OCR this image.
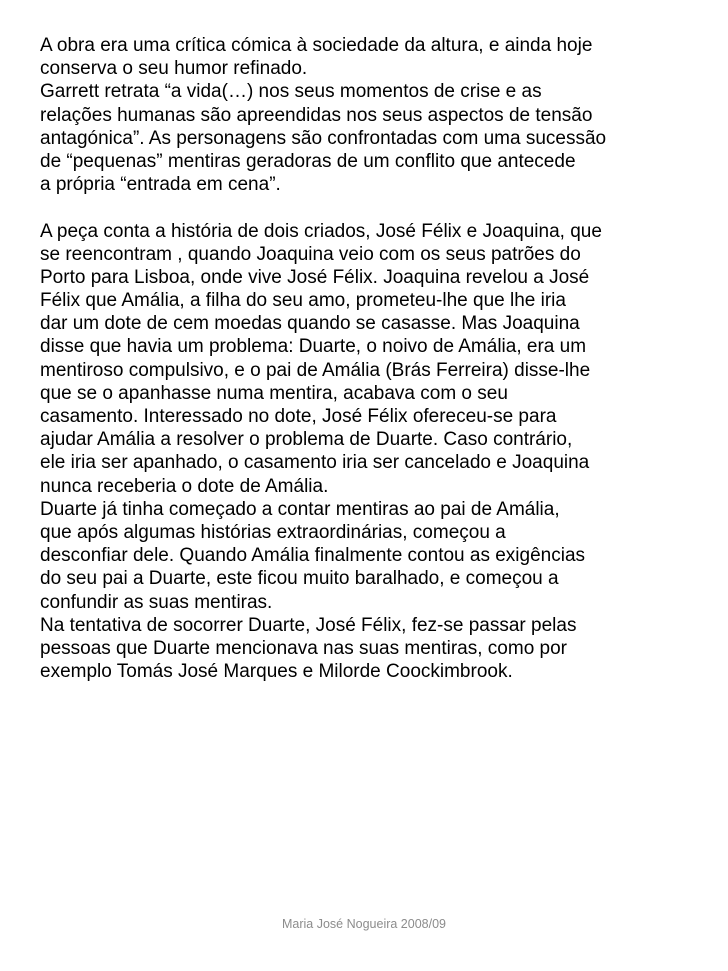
A obra era uma crítica cómica à sociedade da altura, e ainda hoje
conserva o seu humor refinado.
Garrett retrata “a vida(…) nos seus momentos de crise e as
relações humanas são apreendidas nos seus aspectos de tensão
antagónica”. As personagens são confrontadas com uma sucessão
de “pequenas” mentiras geradoras de um conflito que antecede
a própria “entrada em cena”.
A peça conta a história de dois criados, José Félix e Joaquina, que
se reencontram , quando Joaquina veio com os seus patrões do
Porto para Lisboa, onde vive José Félix. Joaquina revelou a José
Félix que Amália, a filha do seu amo, prometeu-lhe que lhe iria
dar um dote de cem moedas quando se casasse. Mas Joaquina
disse que havia um problema: Duarte, o noivo de Amália, era um
mentiroso compulsivo, e o pai de Amália (Brás Ferreira) disse-lhe
que se o apanhasse numa mentira, acabava com o seu
casamento. Interessado no dote, José Félix ofereceu-se para
ajudar Amália a resolver o problema de Duarte. Caso contrário,
ele iria ser apanhado, o casamento iria ser cancelado e Joaquina
nunca receberia o dote de Amália.
Duarte já tinha começado a contar mentiras ao pai de Amália,
que após algumas histórias extraordinárias, começou a
desconfiar dele. Quando Amália finalmente contou as exigências
do seu pai a Duarte, este ficou muito baralhado, e começou a
confundir as suas mentiras.
Na tentativa de socorrer Duarte, José Félix, fez-se passar pelas
pessoas que Duarte mencionava nas suas mentiras, como por
exemplo Tomás José Marques e Milorde Coockimbrook.
Maria José Nogueira 2008/09
